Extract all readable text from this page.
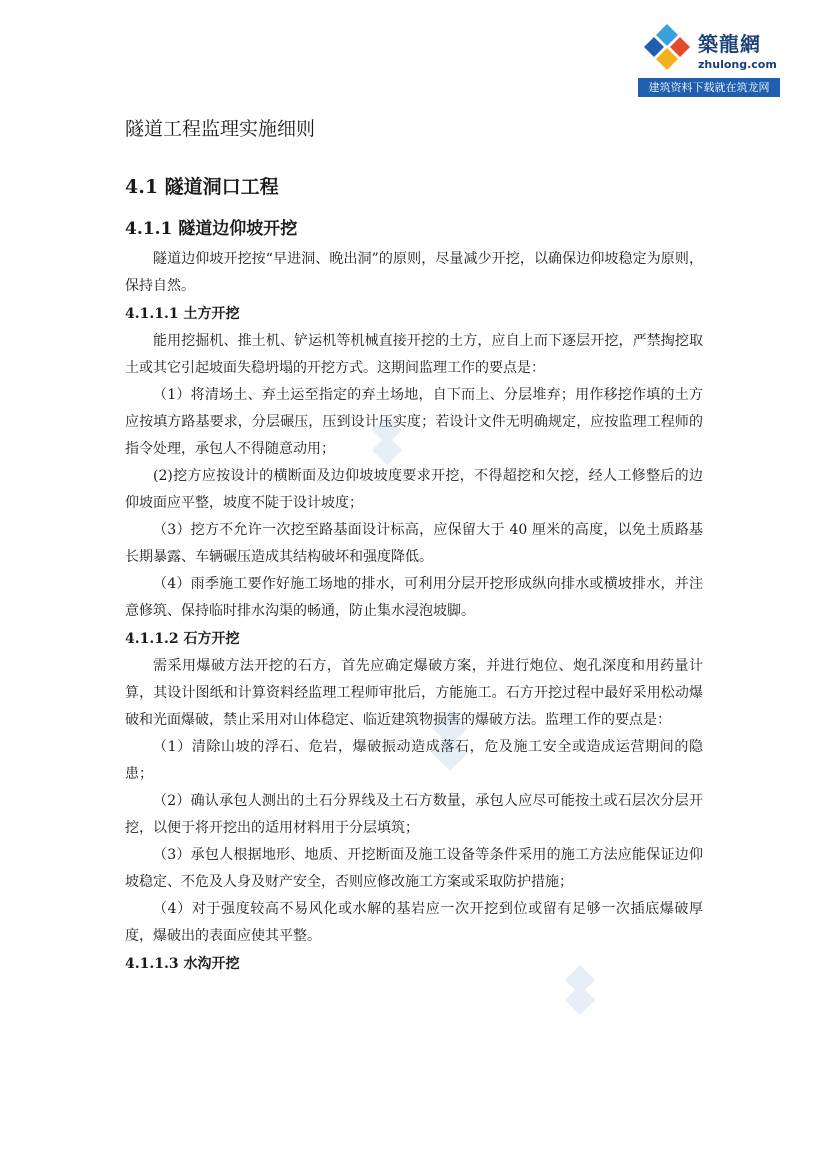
築龍網
zhulong.com
建筑资料下载就在筑龙网
隧道工程监理实施细则
4.1 隧道洞口工程
4.1.1 隧道边仰坡开挖

隧道边仰坡开挖按“早进洞、晚出洞”的原则，尽量减少开挖，以确保边仰坡稳定为原则，保持自然。

4.1.1.1 土方开挖

能用挖掘机、推土机、铲运机等机械直接开挖的土方，应自上而下逐层开挖，严禁掏挖取土或其它引起坡面失稳坍塌的开挖方式。这期间监理工作的要点是：

（1）将清场土、弃土运至指定的弃土场地，自下而上、分层堆弃；用作移挖作填的土方应按填方路基要求，分层碾压，压到设计压实度；若设计文件无明确规定，应按监理工程师的指令处理，承包人不得随意动用；

(2)挖方应按设计的横断面及边仰坡坡度要求开挖，不得超挖和欠挖，经人工修整后的边仰坡面应平整，坡度不陡于设计坡度；

（3）挖方不允许一次挖至路基面设计标高，应保留大于 40 厘米的高度，以免土质路基长期暴露、车辆碾压造成其结构破坏和强度降低。

（4）雨季施工要作好施工场地的排水，可利用分层开挖形成纵向排水或横坡排水，并注意修筑、保持临时排水沟渠的畅通，防止集水浸泡坡脚。

4.1.1.2 石方开挖

需采用爆破方法开挖的石方，首先应确定爆破方案，并进行炮位、炮孔深度和用药量计算，其设计图纸和计算资料经监理工程师审批后，方能施工。石方开挖过程中最好采用松动爆破和光面爆破，禁止采用对山体稳定、临近建筑物损害的爆破方法。监理工作的要点是：

（1）清除山坡的浮石、危岩，爆破振动造成落石，危及施工安全或造成运营期间的隐患；

（2）确认承包人测出的土石分界线及土石方数量，承包人应尽可能按土或石层次分层开挖，以便于将开挖出的适用材料用于分层填筑；

（3）承包人根据地形、地质、开挖断面及施工设备等条件采用的施工方法应能保证边仰坡稳定、不危及人身及财产安全，否则应修改施工方案或采取防护措施；

（4）对于强度较高不易风化或水解的基岩应一次开挖到位或留有足够一次插底爆破厚度，爆破出的表面应使其平整。

4.1.1.3 水沟开挖
